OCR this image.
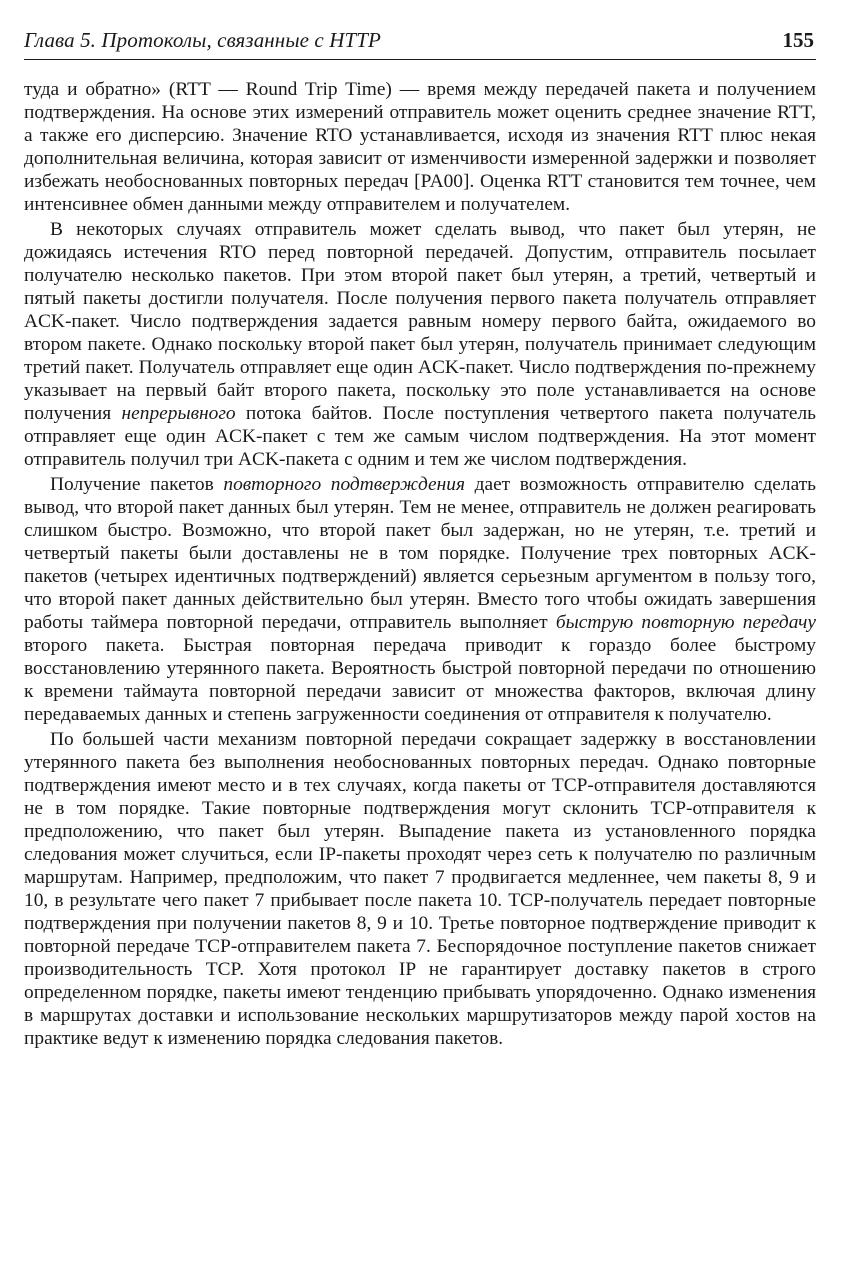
Глава 5. Протоколы, связанные с HTTP	155

туда и обратно» (RTT — Round Trip Time) — время между передачей пакета и получением подтверждения. На основе этих измерений отправитель может оценить среднее значение RTT, а также его дисперсию. Значение RTO устанавливается, исходя из значения RTT плюс некая дополнительная величина, которая зависит от изменчивости измеренной задержки и позволяет избежать необоснованных повторных передач [PA00]. Оценка RTT становится тем точнее, чем интенсивнее обмен данными между отправителем и получателем.

В некоторых случаях отправитель может сделать вывод, что пакет был утерян, не дожидаясь истечения RTO перед повторной передачей. Допустим, отправитель посылает получателю несколько пакетов. При этом второй пакет был утерян, а третий, четвертый и пятый пакеты достигли получателя. После получения первого пакета получатель отправляет ACK-пакет. Число подтверждения задается равным номеру первого байта, ожидаемого во втором пакете. Однако поскольку второй пакет был утерян, получатель принимает следующим третий пакет. Получатель отправляет еще один ACK-пакет. Число подтверждения по-прежнему указывает на первый байт второго пакета, поскольку это поле устанавливается на основе получения непрерывного потока байтов. После поступления четвертого пакета получатель отправляет еще один ACK-пакет с тем же самым числом подтверждения. На этот момент отправитель получил три ACK-пакета с одним и тем же числом подтверждения.

Получение пакетов повторного подтверждения дает возможность отправителю сделать вывод, что второй пакет данных был утерян. Тем не менее, отправитель не должен реагировать слишком быстро. Возможно, что второй пакет был задержан, но не утерян, т.е. третий и четвертый пакеты были доставлены не в том порядке. Получение трех повторных ACK-пакетов (четырех идентичных подтверждений) является серьезным аргументом в пользу того, что второй пакет данных действительно был утерян. Вместо того чтобы ожидать завершения работы таймера повторной передачи, отправитель выполняет быструю повторную передачу второго пакета. Быстрая повторная передача приводит к гораздо более быстрому восстановлению утерянного пакета. Вероятность быстрой повторной передачи по отношению к времени таймаута повторной передачи зависит от множества факторов, включая длину передаваемых данных и степень загруженности соединения от отправителя к получателю.

По большей части механизм повторной передачи сокращает задержку в восстановлении утерянного пакета без выполнения необоснованных повторных передач. Однако повторные подтверждения имеют место и в тех случаях, когда пакеты от TCP-отправителя доставляются не в том порядке. Такие повторные подтверждения могут склонить TCP-отправителя к предположению, что пакет был утерян. Выпадение пакета из установленного порядка следования может случиться, если IP-пакеты проходят через сеть к получателю по различным маршрутам. Например, предположим, что пакет 7 продвигается медленнее, чем пакеты 8, 9 и 10, в результате чего пакет 7 прибывает после пакета 10. TCP-получатель передает повторные подтверждения при получении пакетов 8, 9 и 10. Третье повторное подтверждение приводит к повторной передаче TCP-отправителем пакета 7. Беспорядочное поступление пакетов снижает производительность TCP. Хотя протокол IP не гарантирует доставку пакетов в строго определенном порядке, пакеты имеют тенденцию прибывать упорядоченно. Однако изменения в маршрутах доставки и использование нескольких маршрутизаторов между парой хостов на практике ведут к изменению порядка следования пакетов.
